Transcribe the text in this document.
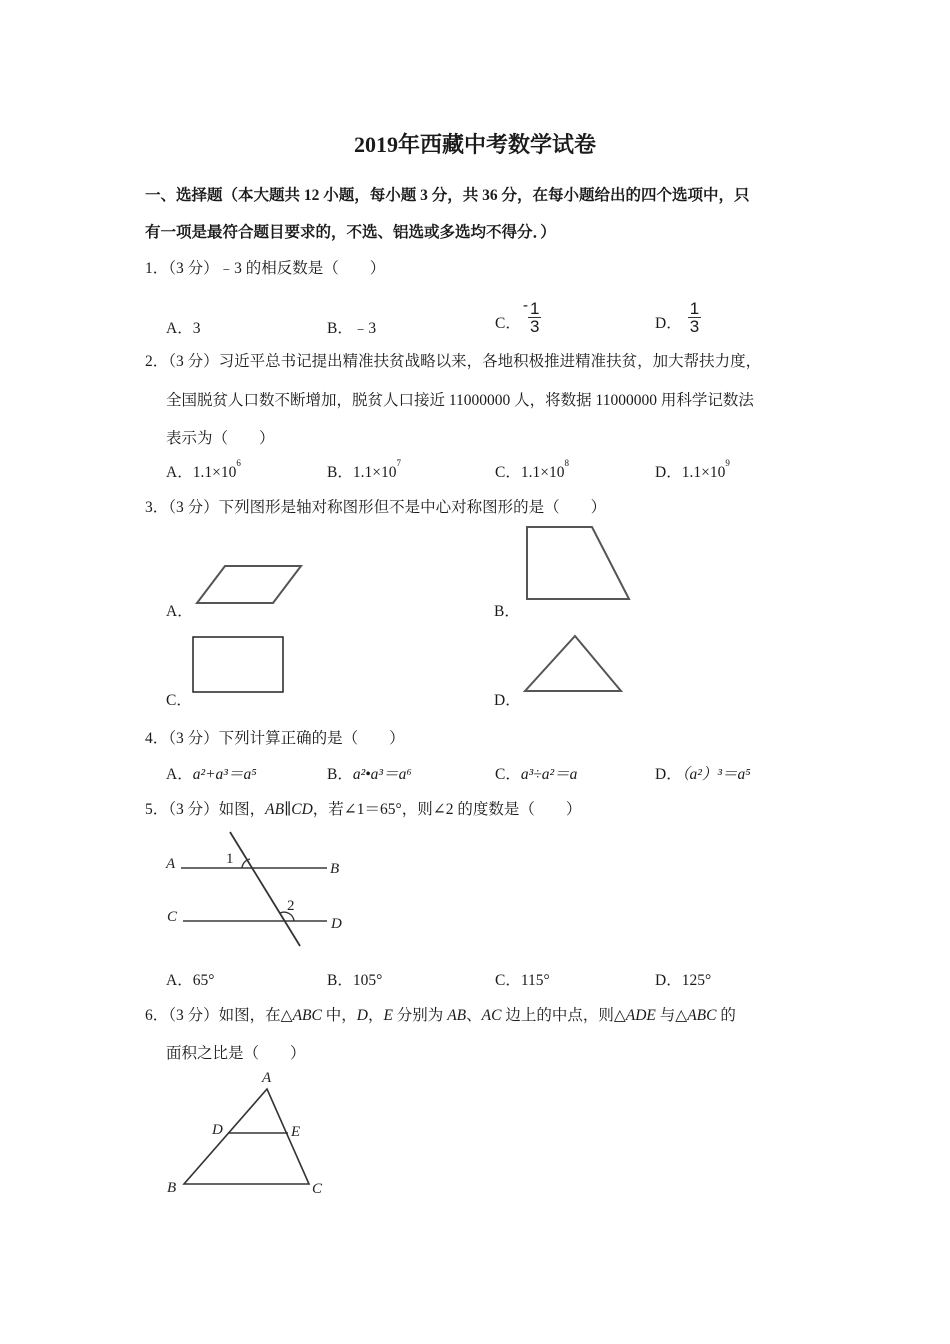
2019年西藏中考数学试卷
一、选择题（本大题共 12 小题，每小题 3 分，共 36 分，在每小题给出的四个选项中，只
有一项是最符合题目要求的，不选、铝选或多选均不得分．）
1．（3 分）﹣3 的相反数是（　　）
A．3	B．﹣3	C．
- $\frac{1}{3}$	D． $\frac{1}{3}$
2．（3 分）习近平总书记提出精准扶贫战略以来，各地积极推进精准扶贫，加大帮扶力度，
全国脱贫人口数不断增加，脱贫人口接近 11000000 人，将数据 11000000 用科学记数法
表示为（　　）
A．$1.1\times 10^6$
B．$1.1\times 10^7$
C．$1.1\times 10^8$
D．$1.1\times 10^9$
3．（3 分）下列图形是轴对称图形但不是中心对称图形的是（　　）
A．	B．
C．	D．
4．（3 分）下列计算正确的是（　　）
A．a²+a³＝a⁵	B．a²•a³＝a⁶	C．a³÷a²＝a	D．（a²）³＝a⁵
5．（3 分）如图，AB∥CD，若∠1＝65°，则∠2 的度数是（　　）
A	B
C	D
1
2
A．65°	B．105°	C．115°	D．125°
6．（3 分）如图，在△ABC 中，D，E 分别为 AB、AC 边上的中点，则△ADE 与△ABC 的
面积之比是（　　）
A
B	C
D	E
